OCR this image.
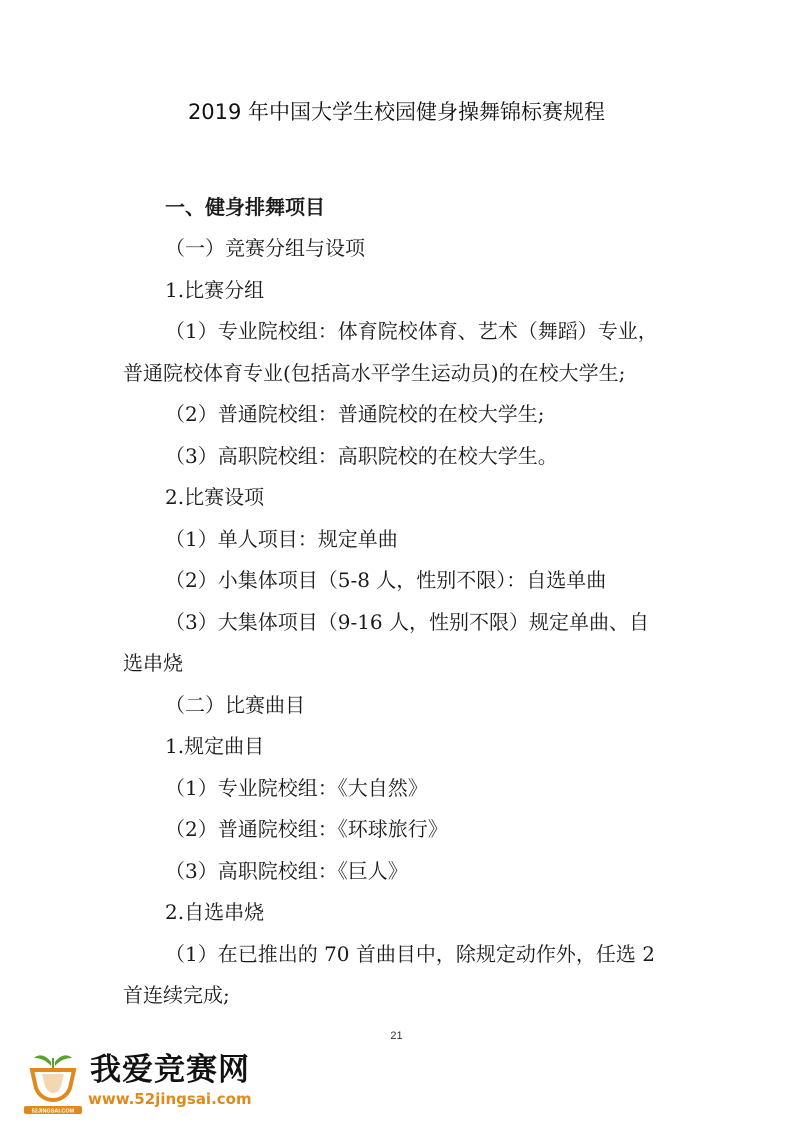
2019 年中国大学生校园健身操舞锦标赛规程
一、健身排舞项目
（一）竞赛分组与设项
1.比赛分组
（1）专业院校组：体育院校体育、艺术（舞蹈）专业，
普通院校体育专业(包括高水平学生运动员)的在校大学生;
（2）普通院校组：普通院校的在校大学生;
（3）高职院校组：高职院校的在校大学生。
2.比赛设项
（1）单人项目：规定单曲
（2）小集体项目（5-8 人，性别不限）：自选单曲
（3）大集体项目（9-16 人，性别不限）规定单曲、自
选串烧
（二）比赛曲目
1.规定曲目
（1）专业院校组：《大自然》
（2）普通院校组：《环球旅行》
（3）高职院校组：《巨人》
2.自选串烧
（1）在已推出的 70 首曲目中，除规定动作外，任选 2
首连续完成;
21
52JINGSAI.COM
我爱竞赛网
www.52jingsai.com
